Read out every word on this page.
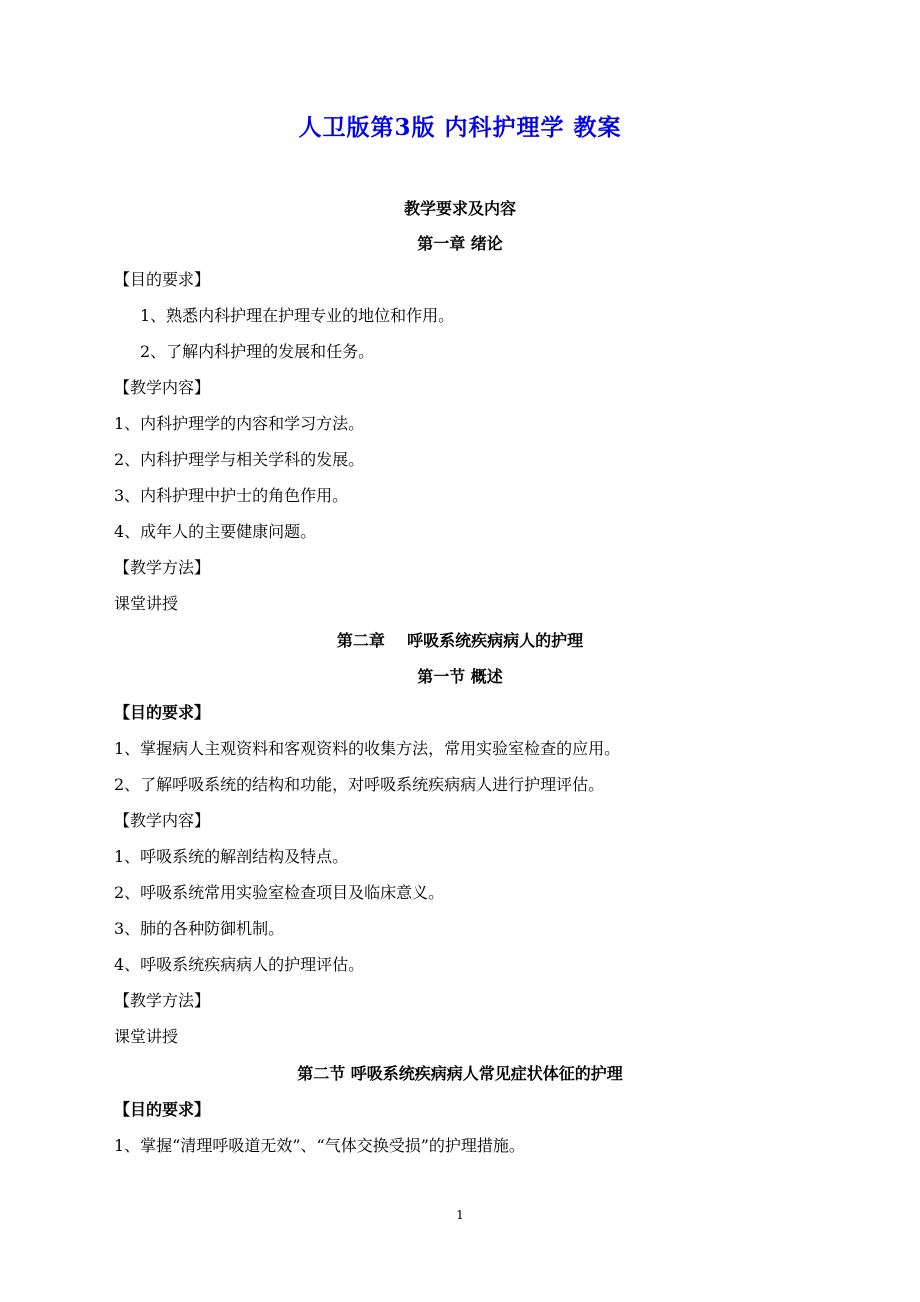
人卫版第3版 内科护理学 教案
教学要求及内容
第一章 绪论
【目的要求】
1、熟悉内科护理在护理专业的地位和作用。
2、了解内科护理的发展和任务。
【教学内容】
1、内科护理学的内容和学习方法。
2、内科护理学与相关学科的发展。
3、内科护理中护士的角色作用。
4、成年人的主要健康问题。
【教学方法】
课堂讲授
第二章    呼吸系统疾病病人的护理
第一节 概述
【目的要求】
1、掌握病人主观资料和客观资料的收集方法，常用实验室检查的应用。
2、了解呼吸系统的结构和功能，对呼吸系统疾病病人进行护理评估。
【教学内容】
1、呼吸系统的解剖结构及特点。
2、呼吸系统常用实验室检查项目及临床意义。
3、肺的各种防御机制。
4、呼吸系统疾病病人的护理评估。
【教学方法】
课堂讲授
第二节 呼吸系统疾病病人常见症状体征的护理
【目的要求】
1、掌握“清理呼吸道无效”、“气体交换受损”的护理措施。
1
